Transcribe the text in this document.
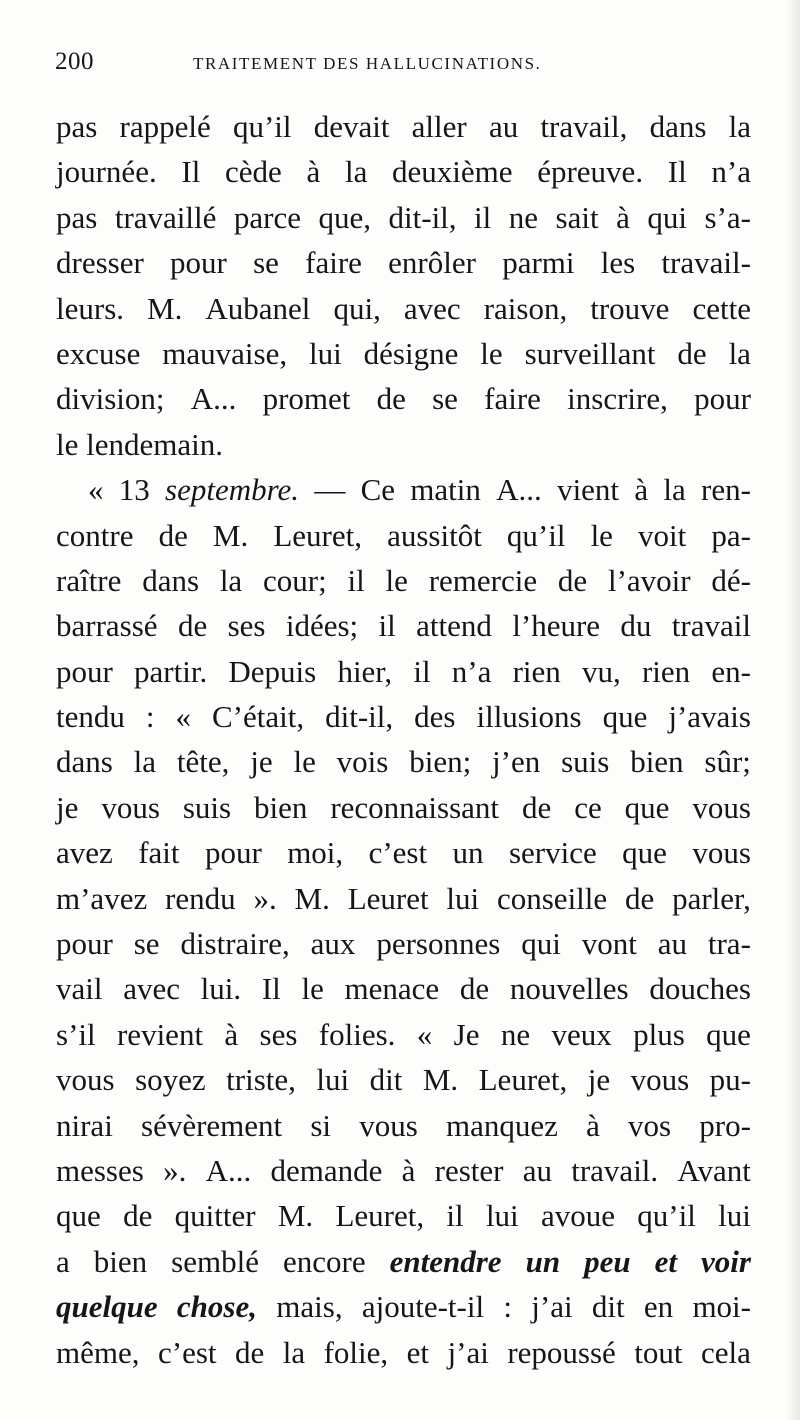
200	TRAITEMENT DES HALLUCINATIONS.
pas rappelé qu’il devait aller au travail, dans la
journée. Il cède à la deuxième épreuve. Il n’a
pas travaillé parce que, dit-il, il ne sait à qui s’a-
dresser pour se faire enrôler parmi les travail-
leurs. M. Aubanel qui, avec raison, trouve cette
excuse mauvaise, lui désigne le surveillant de la
division; A... promet de se faire inscrire, pour
le
lendemain.
« 13 septembre. — Ce matin A... vient à la ren-
contre de M. Leuret, aussitôt qu’il le voit pa-
raître dans la cour; il le remercie de l’avoir dé-
barrassé de ses idées; il attend l’heure du travail
pour partir. Depuis hier, il n’a rien vu, rien en-
tendu : « C’était, dit-il, des illusions que j’avais
dans la tête, je le vois bien; j’en suis bien sûr;
je vous suis bien reconnaissant de ce que vous
avez fait pour moi, c’est un service que vous
m’avez rendu ». M. Leuret lui conseille de parler,
pour se distraire, aux personnes qui vont au tra-
vail avec lui. Il le menace de nouvelles douches
s’il revient à ses folies. « Je ne veux plus que
vous soyez triste, lui dit M. Leuret, je vous pu-
nirai sévèrement si vous manquez à vos pro-
messes ». A... demande à rester au travail. Avant
que de quitter M. Leuret, il lui avoue qu’il lui
a bien semblé encore entendre un peu et voir
quelque chose, mais, ajoute-t-il : j’ai dit en moi-
même, c’est de la folie, et j’ai repoussé tout cela
